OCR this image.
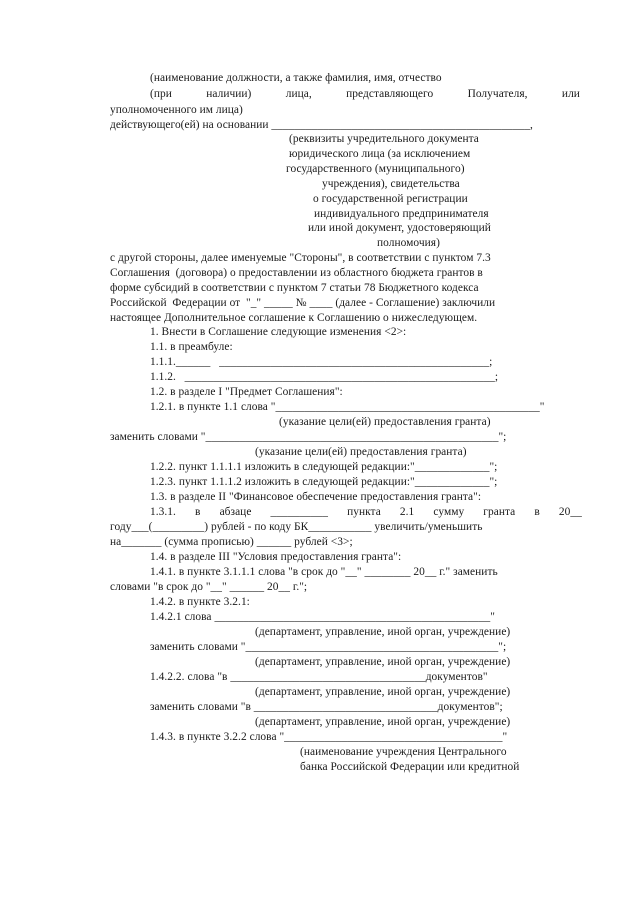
(наименование должности, а также фамилия, имя, отчество
(при	наличии)	лица,	представляющего	Получателя,	или
уполномоченного им лица)
действующего(ей) на основании _____________________________________________,
(реквизиты учредительного документа
юридического лица (за исключением
государственного (муниципального)
учреждения), свидетельства
о государственной регистрации
индивидуального предпринимателя
или иной документ, удостоверяющий
полномочия)
с другой стороны, далее именуемые "Стороны", в соответствии с пунктом 7.3
Соглашения  (договора) о предоставлении из областного бюджета грантов в
форме субсидий в соответствии с пунктом 7 статьи 78 Бюджетного кодекса
Российской  Федерации от  "_" _____ № ____ (далее - Соглашение) заключили
настоящее Дополнительное соглашение к Соглашению о нижеследующем.
1. Внести в Соглашение следующие изменения <2>:
1.1. в преамбуле:
1.1.1.______   _______________________________________________;
1.1.2.   ______________________________________________________;
1.2. в разделе I "Предмет Соглашения":
1.2.1. в пункте 1.1 слова "______________________________________________"
(указание цели(ей) предоставления гранта)
заменить словами "___________________________________________________";
(указание цели(ей) предоставления гранта)
1.2.2. пункт 1.1.1.1 изложить в следующей редакции:"_____________";
1.2.3. пункт 1.1.1.2 изложить в следующей редакции:"_____________";
1.3. в разделе II "Финансовое обеспечение предоставления гранта":
1.3.1. в абзаце __________ пункта 2.1 сумму гранта в 20__
году___(_________) рублей - по коду БК___________ увеличить/уменьшить
на_______ (сумма прописью) ______ рублей <3>;
1.4. в разделе III "Условия предоставления гранта":
1.4.1. в пункте 3.1.1.1 слова "в срок до "__" ________ 20__ г." заменить
словами "в срок до "__" ______ 20__ г.";
1.4.2. в пункте 3.2.1:
1.4.2.1 слова ________________________________________________"
(департамент, управление, иной орган, учреждение)
заменить словами "____________________________________________";
(департамент, управление, иной орган, учреждение)
1.4.2.2. слова "в __________________________________документов"
(департамент, управление, иной орган, учреждение)
заменить словами "в ________________________________документов";
(департамент, управление, иной орган, учреждение)
1.4.3. в пункте 3.2.2 слова "______________________________________"
(наименование учреждения Центрального
банка Российской Федерации или кредитной
